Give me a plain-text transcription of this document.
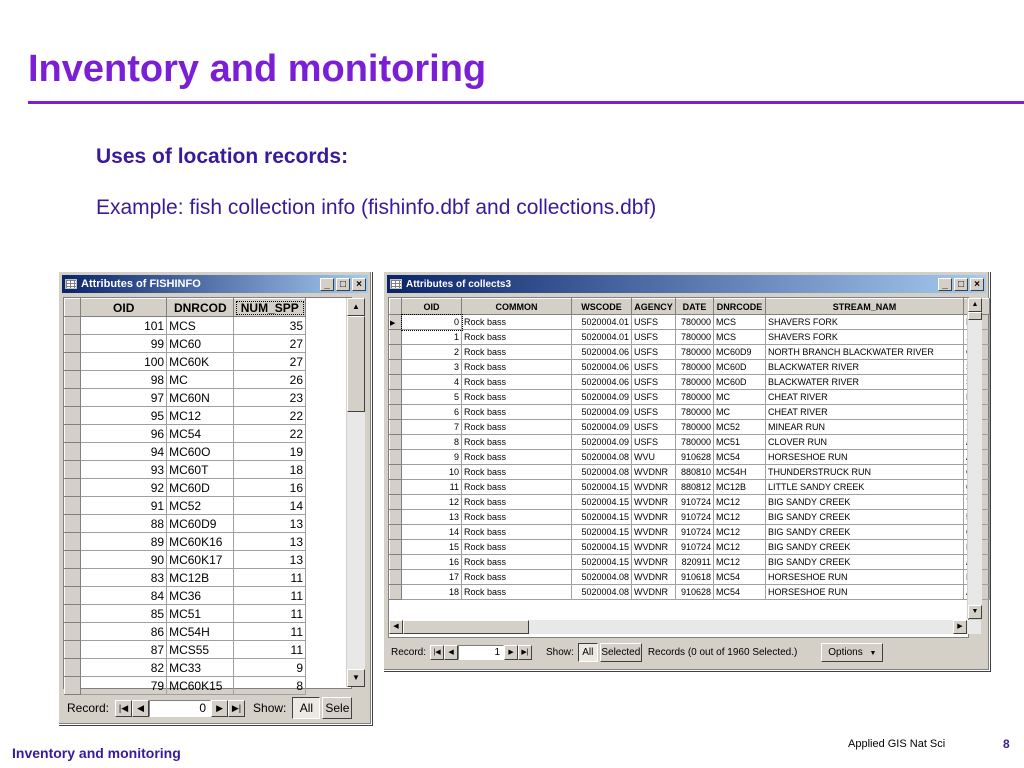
Inventory and monitoring
Uses of location records:
Example: fish collection info (fishinfo.dbf and collections.dbf)
Attributes of FISHINFO	_	□	×
	OID	DNRCOD	NUM_SPP
	101	MCS	35
	99	MC60	27
	100	MC60K	27
	98	MC	26
	97	MC60N	23
	95	MC12	22
	96	MC54	22
	94	MC60O	19
	93	MC60T	18
	92	MC60D	16
	91	MC52	14
	88	MC60D9	13
	89	MC60K16	13
	90	MC60K17	13
	83	MC12B	11
	84	MC36	11
	85	MC51	11
	86	MC54H	11
	87	MCS55	11
	82	MC33	9
	79	MC60K15	8
▲
▼
Record:	|◀ ◀	0	▶ ▶| Show:	All	Sele
Attributes of collects3	_	□	×
	OID	COMMON	WSCODE	AGENCY	DATE	DNRCODE	STREAM_NAM	
▶	0	Rock bass	5020004.01	USFS	780000	MCS	SHAVERS FORK	
	1	Rock bass	5020004.01	USFS	780000	MCS	SHAVERS FORK	
	2	Rock bass	5020004.06	USFS	780000	MC60D9	NORTH BRANCH BLACKWATER RIVER	
	3	Rock bass	5020004.06	USFS	780000	MC60D	BLACKWATER RIVER	
	4	Rock bass	5020004.06	USFS	780000	MC60D	BLACKWATER RIVER	
	5	Rock bass	5020004.09	USFS	780000	MC	CHEAT RIVER	
	6	Rock bass	5020004.09	USFS	780000	MC	CHEAT RIVER	
	7	Rock bass	5020004.09	USFS	780000	MC52	MINEAR RUN	
	8	Rock bass	5020004.09	USFS	780000	MC51	CLOVER RUN	
	9	Rock bass	5020004.08	WVU	910628	MC54	HORSESHOE RUN	
	10	Rock bass	5020004.08	WVDNR	880810	MC54H	THUNDERSTRUCK RUN	
	11	Rock bass	5020004.15	WVDNR	880812	MC12B	LITTLE SANDY CREEK	
	12	Rock bass	5020004.15	WVDNR	910724	MC12	BIG SANDY CREEK	
	13	Rock bass	5020004.15	WVDNR	910724	MC12	BIG SANDY CREEK	
	14	Rock bass	5020004.15	WVDNR	910724	MC12	BIG SANDY CREEK	
	15	Rock bass	5020004.15	WVDNR	910724	MC12	BIG SANDY CREEK	
	16	Rock bass	5020004.15	WVDNR	820911	MC12	BIG SANDY CREEK	
	17	Rock bass	5020004.08	WVDNR	910618	MC54	HORSESHOE RUN	
	18	Rock bass	5020004.08	WVDNR	910628	MC54	HORSESHOE RUN	
▲
▼
◀	▶
Record:	|◀	◀	1	▶	▶|	Show: All Selected Records (0 out of 1960 Selected.)	Options ▼
Inventory and monitoring
Applied GIS Nat Sci	8
